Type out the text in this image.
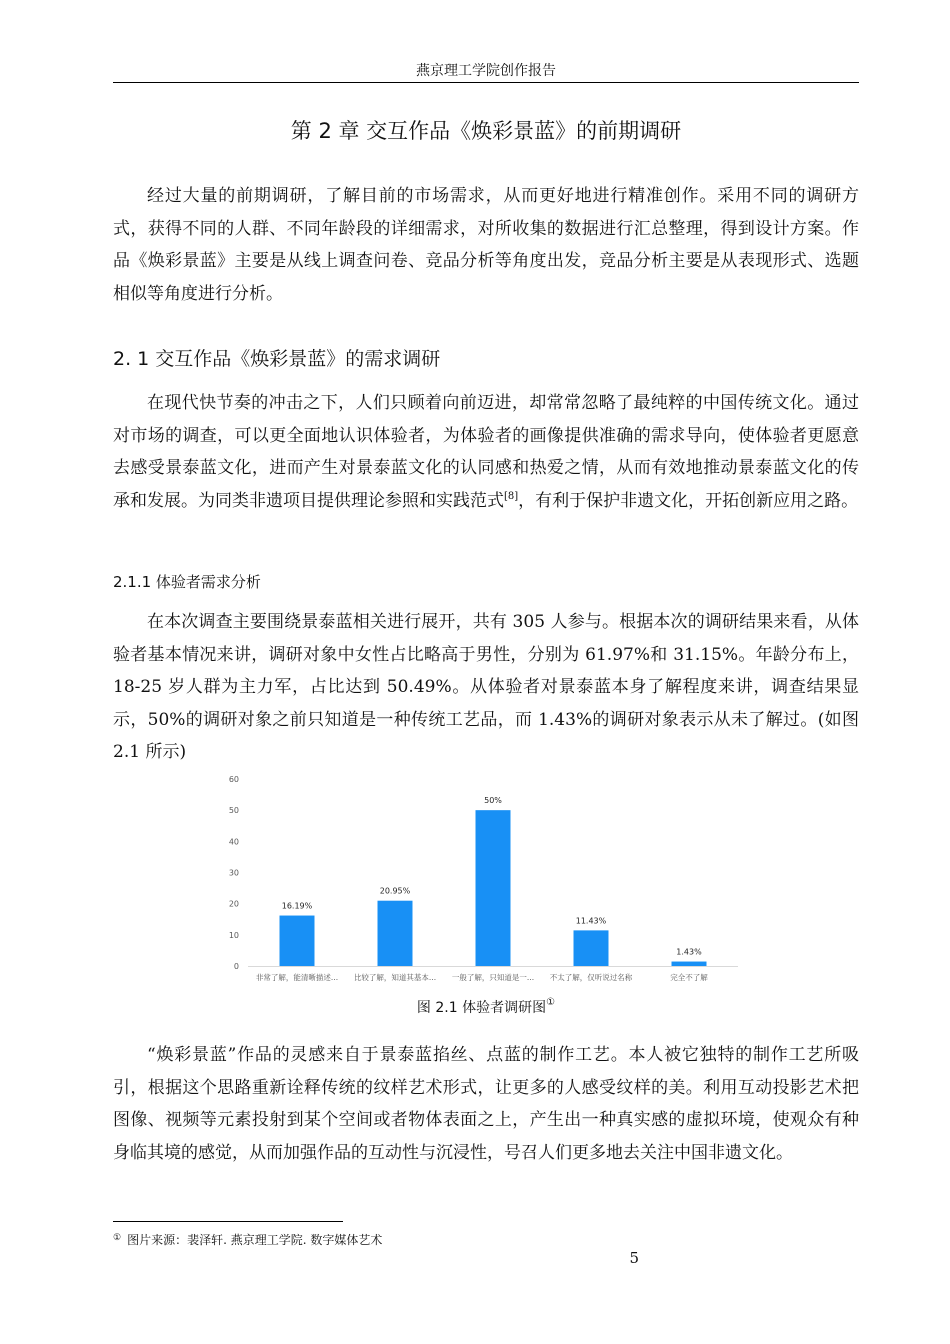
燕京理工学院创作报告
第 2 章 交互作品《焕彩景蓝》的前期调研

经过大量的前期调研，了解目前的市场需求，从而更好地进行精准创作。采用不同的调研方式，获得不同的人群、不同年龄段的详细需求，对所收集的数据进行汇总整理，得到设计方案。作品《焕彩景蓝》主要是从线上调查问卷、竞品分析等角度出发，竞品分析主要是从表现形式、选题相似等角度进行分析。

2. 1 交互作品《焕彩景蓝》的需求调研

在现代快节奏的冲击之下，人们只顾着向前迈进，却常常忽略了最纯粹的中国传统文化。通过对市场的调查，可以更全面地认识体验者，为体验者的画像提供准确的需求导向，使体验者更愿意去感受景泰蓝文化，进而产生对景泰蓝文化的认同感和热爱之情，从而有效地推动景泰蓝文化的传承和发展。为同类非遗项目提供理论参照和实践范式[8]，有利于保护非遗文化，开拓创新应用之路。

2.1.1 体验者需求分析

在本次调查主要围绕景泰蓝相关进行展开，共有 305 人参与。根据本次的调研结果来看，从体验者基本情况来讲，调研对象中女性占比略高于男性，分别为 61.97%和 31.15%。年龄分布上，18-25 岁人群为主力军，占比达到 50.49%。从体验者对景泰蓝本身了解程度来讲，调查结果显示，50%的调研对象之前只知道是一种传统工艺品，而 1.43%的调研对象表示从未了解过。(如图 2.1 所示)

0
10
20
30
40
50
60
16.19%
非常了解，能清晰描述...
20.95%
比较了解，知道其基本...
50%
一般了解，只知道是一...
11.43%
不太了解，仅听说过名称
1.43%
完全不了解
图 2.1 体验者调研图①

“焕彩景蓝”作品的灵感来自于景泰蓝掐丝、点蓝的制作工艺。本人被它独特的制作工艺所吸引，根据这个思路重新诠释传统的纹样艺术形式，让更多的人感受纹样的美。利用互动投影艺术把图像、视频等元素投射到某个空间或者物体表面之上，产生出一种真实感的虚拟环境，使观众有种身临其境的感觉，从而加强作品的互动性与沉浸性，号召人们更多地去关注中国非遗文化。

① 图片来源：裴泽轩. 燕京理工学院. 数字媒体艺术
5
